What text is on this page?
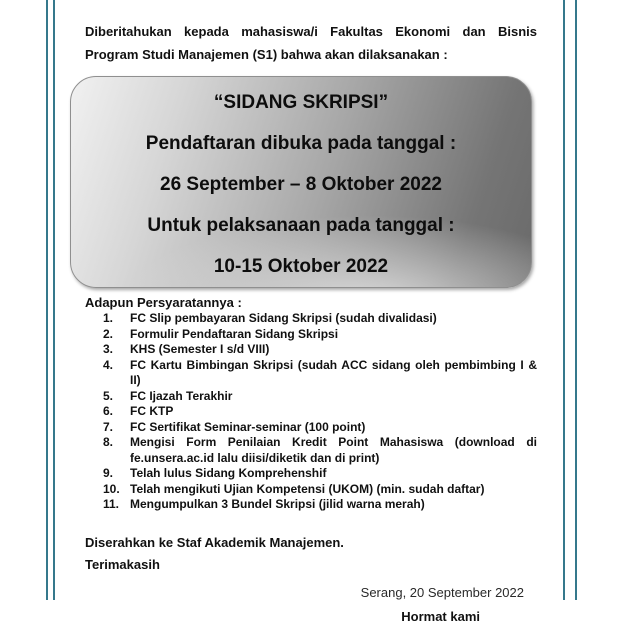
Diberitahukan kepada mahasiswa/i Fakultas Ekonomi dan Bisnis Program Studi Manajemen (S1) bahwa akan dilaksanakan :

“SIDANG SKRIPSI”
Pendaftaran dibuka pada tanggal :
26 September – 8 Oktober 2022
Untuk pelaksanaan pada tanggal :
10-15 Oktober 2022

Adapun Persyaratannya :

1.	FC Slip pembayaran Sidang Skripsi (sudah divalidasi)
2.	Formulir Pendaftaran Sidang Skripsi
3.	KHS (Semester I s/d VIII)
4.	FC Kartu Bimbingan Skripsi (sudah ACC sidang oleh pembimbing I & II)
5.	FC Ijazah Terakhir
6.	FC KTP
7.	FC Sertifikat Seminar-seminar (100 point)
8.	Mengisi Form Penilaian Kredit Point Mahasiswa (download di fe.unsera.ac.id lalu diisi/diketik dan di print)
9.	Telah lulus Sidang Komprehenshif
10. Telah mengikuti Ujian Kompetensi (UKOM) (min. sudah daftar)
11. Mengumpulkan 3 Bundel Skripsi (jilid warna merah)

Diserahkan ke Staf Akademik Manajemen.

Terimakasih

Serang, 20 September 2022

Hormat kami
